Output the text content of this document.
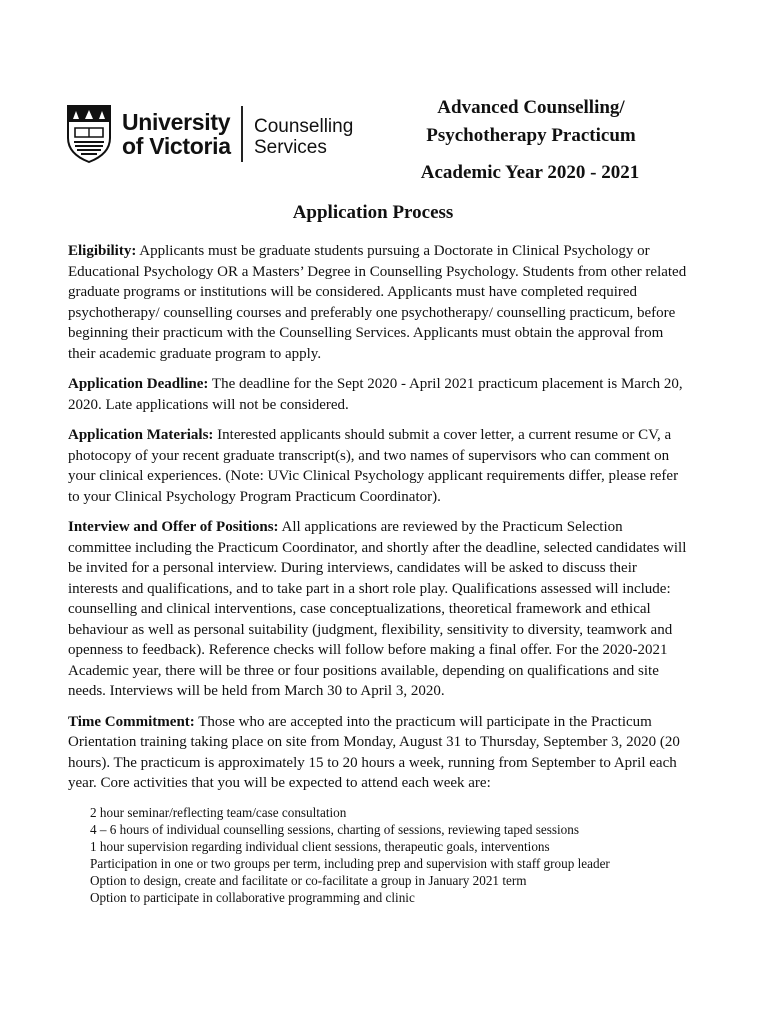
University
of Victoria
Counselling
Services
Advanced Counselling/
Psychotherapy Practicum
Academic Year 2020 - 2021
Application Process

Eligibility: Applicants must be graduate students pursuing a Doctorate in Clinical Psychology or Educational Psychology OR a Masters’ Degree in Counselling Psychology. Students from other related graduate programs or institutions will be considered. Applicants must have completed required psychotherapy/ counselling courses and preferably one psychotherapy/ counselling practicum, before beginning their practicum with the Counselling Services. Applicants must obtain the approval from their academic graduate program to apply.

Application Deadline: The deadline for the Sept 2020 - April 2021 practicum placement is March 20, 2020. Late applications will not be considered.

Application Materials: Interested applicants should submit a cover letter, a current resume or CV, a photocopy of your recent graduate transcript(s), and two names of supervisors who can comment on your clinical experiences. (Note: UVic Clinical Psychology applicant requirements differ, please refer to your Clinical Psychology Program Practicum Coordinator).

Interview and Offer of Positions: All applications are reviewed by the Practicum Selection committee including the Practicum Coordinator, and shortly after the deadline, selected candidates will be invited for a personal interview. During interviews, candidates will be asked to discuss their interests and qualifications, and to take part in a short role play. Qualifications assessed will include: counselling and clinical interventions, case conceptualizations, theoretical framework and ethical behaviour as well as personal suitability (judgment, flexibility, sensitivity to diversity, teamwork and openness to feedback). Reference checks will follow before making a final offer. For the 2020-2021 Academic year, there will be three or four positions available, depending on qualifications and site needs. Interviews will be held from March 30 to April 3, 2020.

Time Commitment: Those who are accepted into the practicum will participate in the Practicum Orientation training taking place on site from Monday, August 31 to Thursday, September 3, 2020 (20 hours). The practicum is approximately 15 to 20 hours a week, running from September to April each year. Core activities that you will be expected to attend each week are:

2 hour seminar/reflecting team/case consultation
4 – 6 hours of individual counselling sessions, charting of sessions, reviewing taped sessions
1 hour supervision regarding individual client sessions, therapeutic goals, interventions
Participation in one or two groups per term, including prep and supervision with staff group leader
Option to design, create and facilitate or co-facilitate a group in January 2021 term
Option to participate in collaborative programming and clinic
